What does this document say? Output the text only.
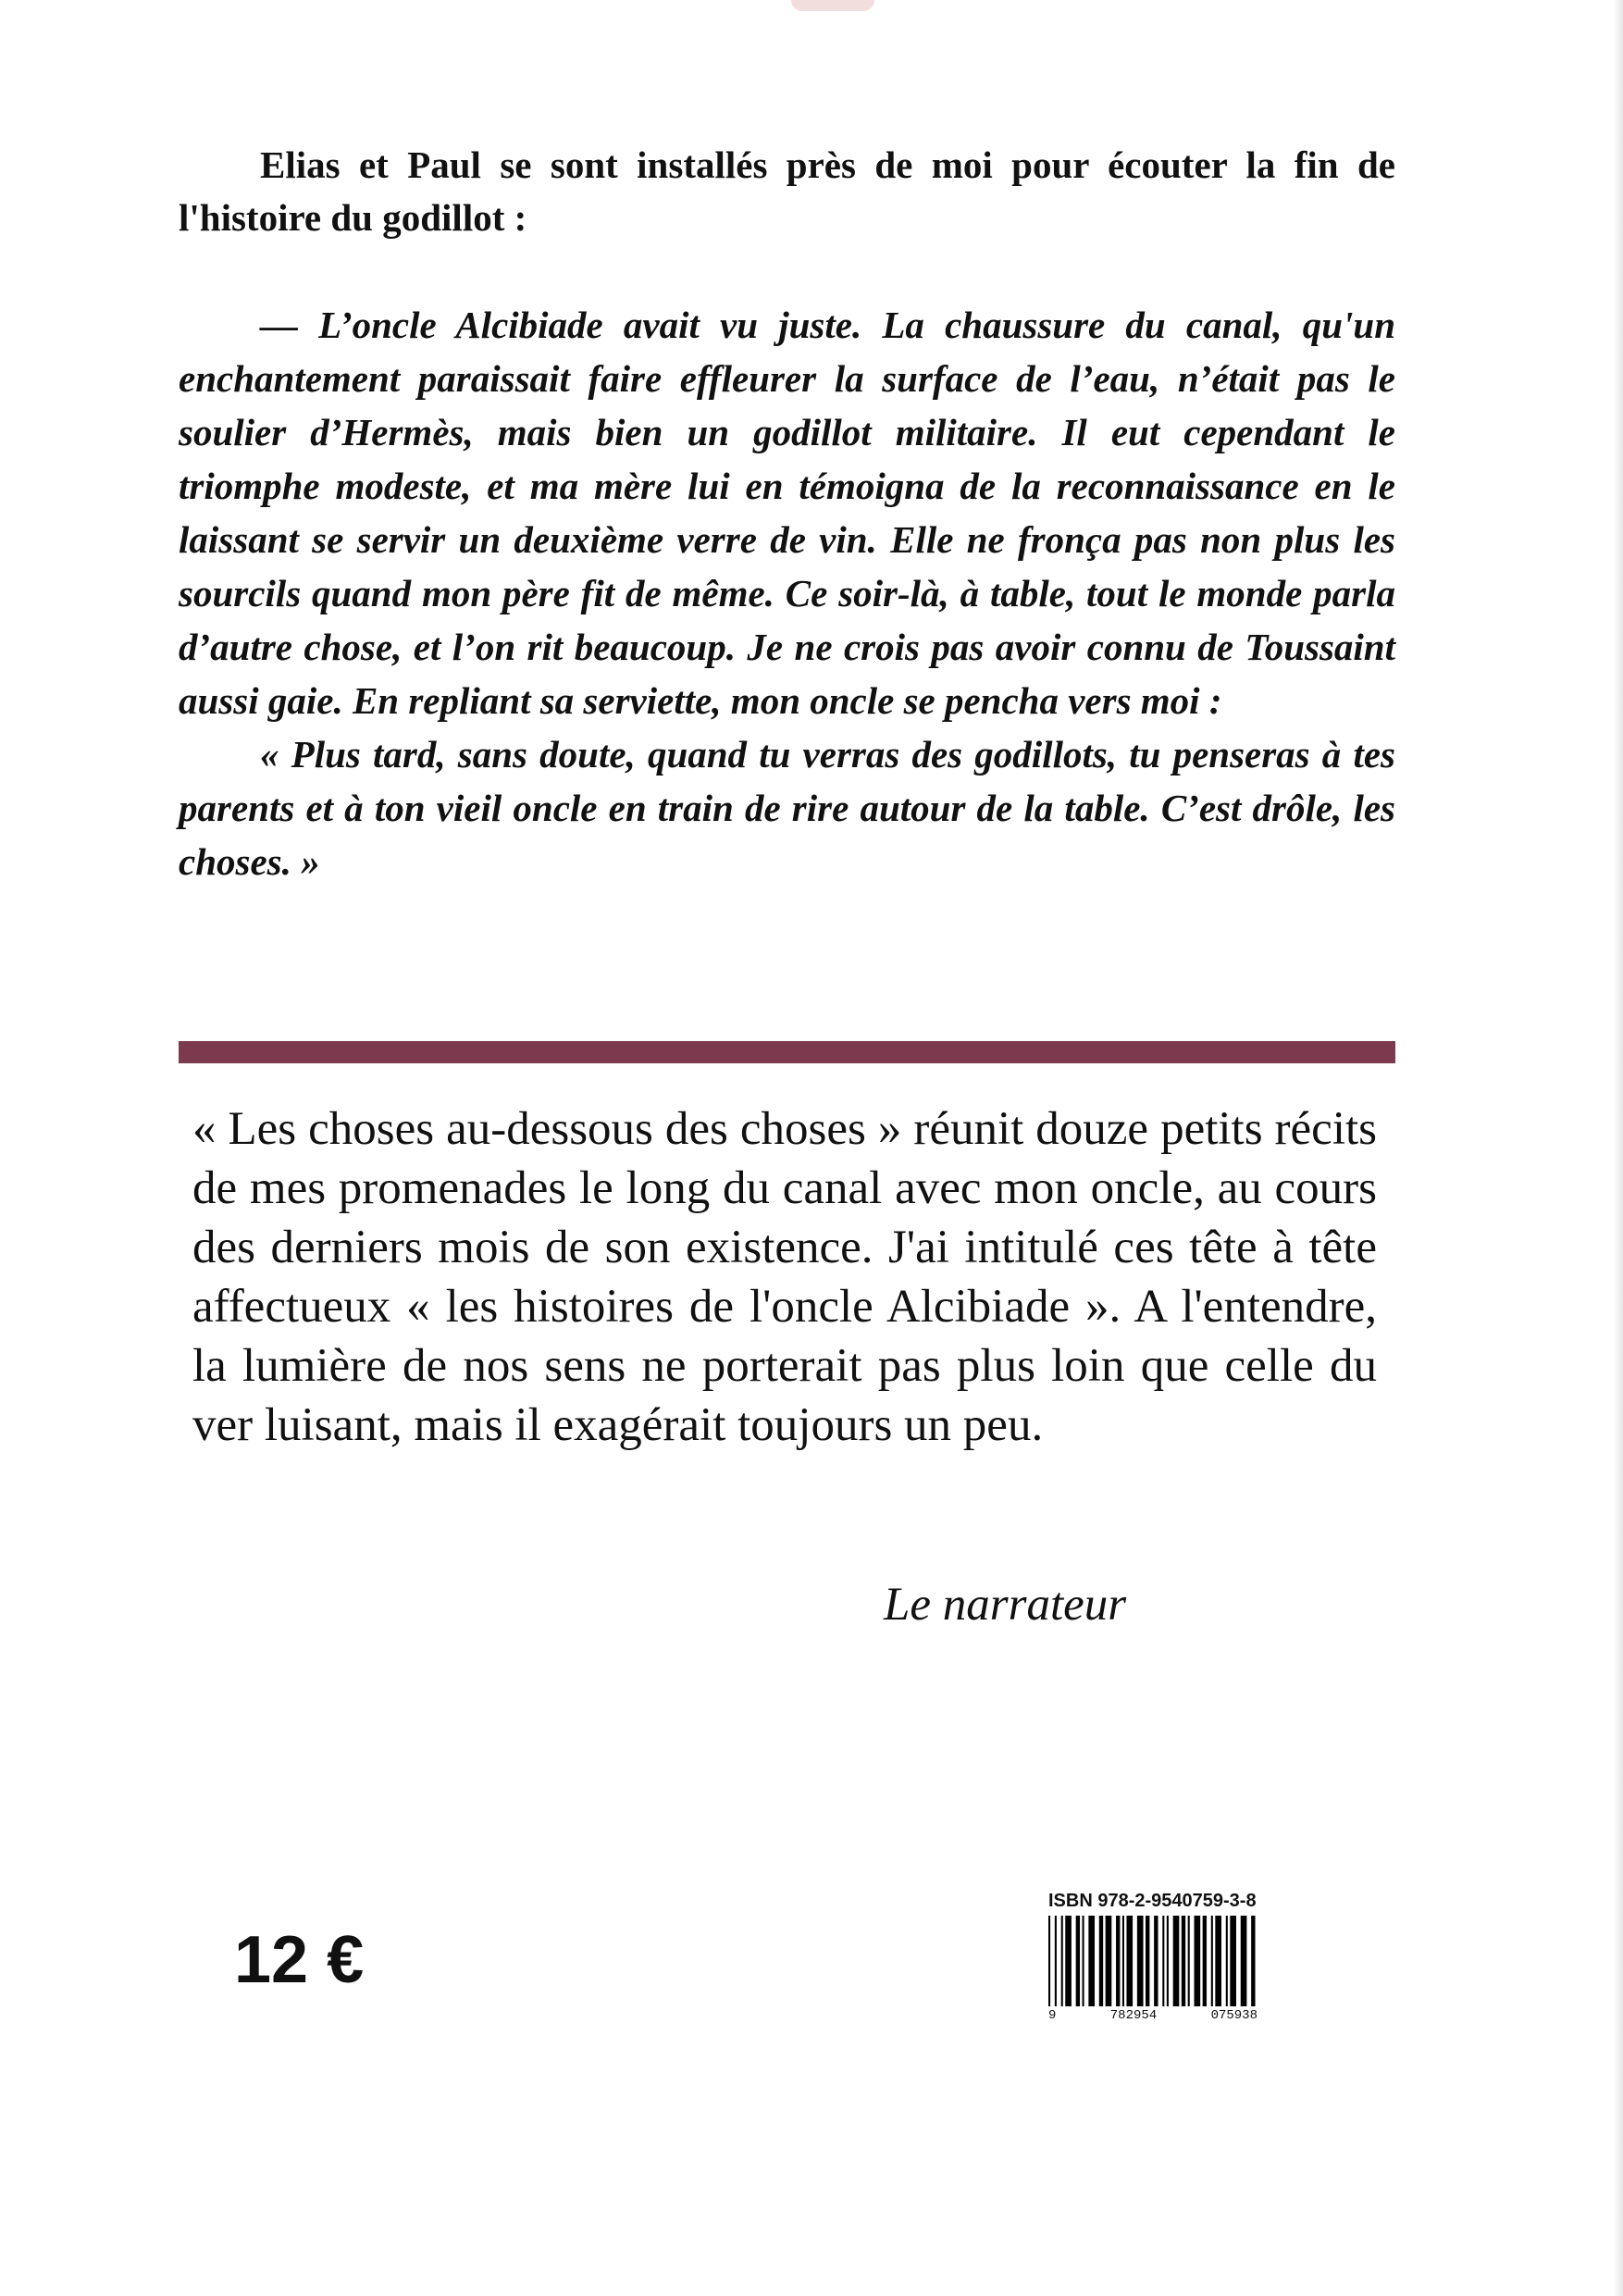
Elias et Paul se sont installés près de moi pour écouter la fin de l'histoire du godillot :

— L’oncle Alcibiade avait vu juste. La chaussure du canal, qu'un enchantement paraissait faire effleurer la surface de l’eau, n’était pas le soulier d’Hermès, mais bien un godillot militaire. Il eut cependant le triomphe modeste, et ma mère lui en témoigna de la reconnaissance en le laissant se servir un deuxième verre de vin. Elle ne fronça pas non plus les sourcils quand mon père fit de même. Ce soir-là, à table, tout le monde parla d’autre chose, et l’on rit beaucoup. Je ne crois pas avoir connu de Toussaint aussi gaie. En repliant sa serviette, mon oncle se pencha vers moi :

« Plus tard, sans doute, quand tu verras des godillots, tu penseras à tes parents et à ton vieil oncle en train de rire autour de la table. C’est drôle, les choses. »

« Les choses au-dessous des choses » réunit douze petits récits de mes promenades le long du canal avec mon oncle, au cours des derniers mois de son existence. J'ai intitulé ces tête à tête affectueux « les histoires de l'oncle Alcibiade ». A l'entendre, la lumière de nos sens ne porterait pas plus loin que celle du ver luisant, mais il exagérait toujours un peu.

Le narrateur
12 €
ISBN 978-2-9540759-3-8
9	782954	075938
